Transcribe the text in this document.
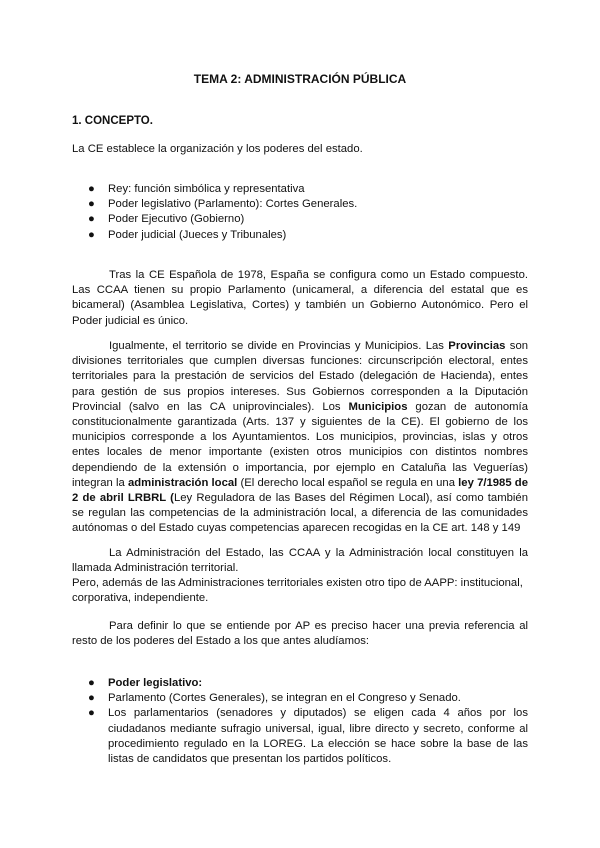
TEMA 2: ADMINISTRACIÓN PÚBLICA
1. CONCEPTO.

La CE establece la organización y los poderes del estado.

● Rey: función simbólica y representativa
● Poder legislativo (Parlamento): Cortes Generales.
● Poder Ejecutivo (Gobierno)
● Poder judicial (Jueces y Tribunales)

Tras la CE Española de 1978, España se configura como un Estado compuesto. Las CCAA tienen su propio Parlamento (unicameral, a diferencia del estatal que es bicameral) (Asamblea Legislativa, Cortes) y también un Gobierno Autonómico. Pero el Poder judicial es único.

Igualmente, el territorio se divide en Provincias y Municipios. Las Provincias son divisiones territoriales que cumplen diversas funciones: circunscripción electoral, entes territoriales para la prestación de servicios del Estado (delegación de Hacienda), entes para gestión de sus propios intereses. Sus Gobiernos corresponden a la Diputación Provincial (salvo en las CA uniprovinciales). Los Municipios gozan de autonomía constitucionalmente garantizada (Arts. 137 y siguientes de la CE). El gobierno de los municipios corresponde a los Ayuntamientos. Los municipios, provincias, islas y otros entes locales de menor importante (existen otros municipios con distintos nombres dependiendo de la extensión o importancia, por ejemplo en Cataluña las Veguerías) integran la administración local (El derecho local español se regula en una ley 7/1985 de 2 de abril LRBRL (Ley Reguladora de las Bases del Régimen Local), así como también se regulan las competencias de la administración local, a diferencia de las comunidades autónomas o del Estado cuyas competencias aparecen recogidas en la CE art. 148 y 149

La Administración del Estado, las CCAA y la Administración local constituyen la llamada Administración territorial.

Pero, además de las Administraciones territoriales existen otro tipo de AAPP: institucional, corporativa, independiente.

Para definir lo que se entiende por AP es preciso hacer una previa referencia al resto de los poderes del Estado a los que antes aludíamos:

● Poder legislativo:
● Parlamento (Cortes Generales), se integran en el Congreso y Senado.
● Los parlamentarios (senadores y diputados) se eligen cada 4 años por los ciudadanos mediante sufragio universal, igual, libre directo y secreto, conforme al procedimiento regulado en la LOREG. La elección se hace sobre la base de las listas de candidatos que presentan los partidos políticos.
